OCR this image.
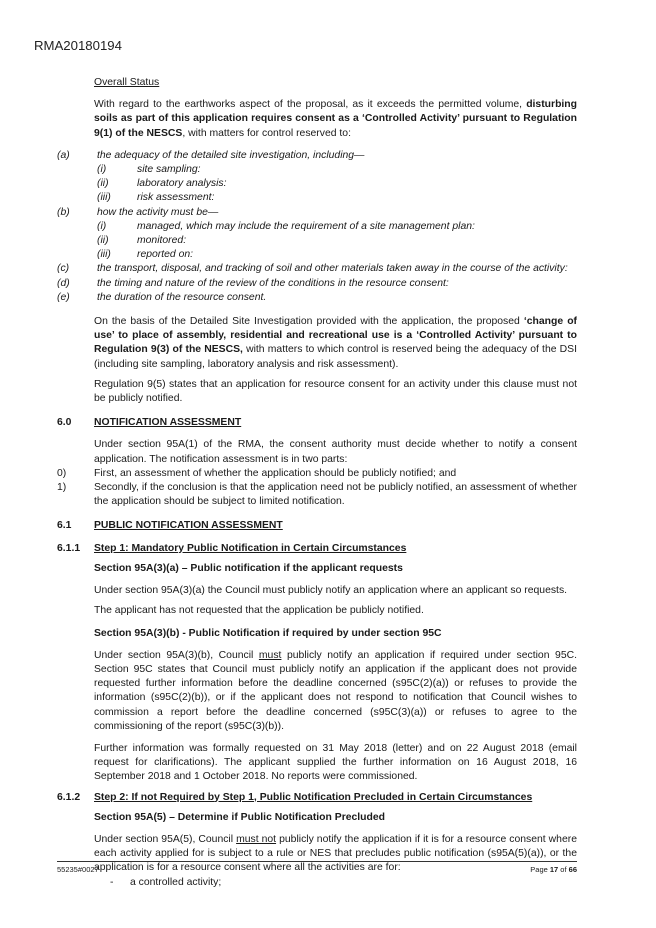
RMA20180194

Overall Status

With regard to the earthworks aspect of the proposal, as it exceeds the permitted volume, disturbing soils as part of this application requires consent as a ‘Controlled Activity’ pursuant to Regulation 9(1) of the NESCS, with matters for control reserved to:

(a)	the adequacy of the detailed site investigation, including—
(i)	site sampling:
(ii)	laboratory analysis:
(iii)	risk assessment:
(b)	how the activity must be—
(i)	managed, which may include the requirement of a site management plan:
(ii)	monitored:
(iii)	reported on:
(c)	the transport, disposal, and tracking of soil and other materials taken away in the course of the activity:
(d)	the timing and nature of the review of the conditions in the resource consent:
(e)	the duration of the resource consent.

On the basis of the Detailed Site Investigation provided with the application, the proposed ‘change of use’ to place of assembly, residential and recreational use is a ‘Controlled Activity’ pursuant to Regulation 9(3) of the NESCS, with matters to which control is reserved being the adequacy of the DSI (including site sampling, laboratory analysis and risk assessment).

Regulation 9(5) states that an application for resource consent for an activity under this clause must not be publicly notified.

6.0	NOTIFICATION ASSESSMENT

Under section 95A(1) of the RMA, the consent authority must decide whether to notify a consent application. The notification assessment is in two parts:

0)	First, an assessment of whether the application should be publicly notified; and
1)	Secondly, if the conclusion is that the application need not be publicly notified, an assessment of whether the application should be subject to limited notification.
6.1	PUBLIC NOTIFICATION ASSESSMENT
6.1.1	Step 1: Mandatory Public Notification in Certain Circumstances

Section 95A(3)(a) – Public notification if the applicant requests

Under section 95A(3)(a) the Council must publicly notify an application where an applicant so requests.

The applicant has not requested that the application be publicly notified.

Section 95A(3)(b) - Public Notification if required by under section 95C

Under section 95A(3)(b), Council must publicly notify an application if required under section 95C. Section 95C states that Council must publicly notify an application if the applicant does not provide requested further information before the deadline concerned (s95C(2)(a)) or refuses to provide the information (s95C(2)(b)), or if the applicant does not respond to notification that Council wishes to commission a report before the deadline concerned (s95C(3)(a)) or refuses to agree to the commissioning of the report (s95C(3)(b)).

Further information was formally requested on 31 May 2018 (letter) and on 22 August 2018 (email request for clarifications). The applicant supplied the further information on 16 August 2018, 16 September 2018 and 1 October 2018. No reports were commissioned.

6.1.2	Step 2: If not Required by Step 1, Public Notification Precluded in Certain Circumstances

Section 95A(5) – Determine if Public Notification Precluded

Under section 95A(5), Council must not publicly notify the application if it is for a resource consent where each activity applied for is subject to a rule or NES that precludes public notification (s95A(5)(a)), or the application is for a resource consent where all the activities are for:

-	a controlled activity;
55235#0027	Page 17 of 66
